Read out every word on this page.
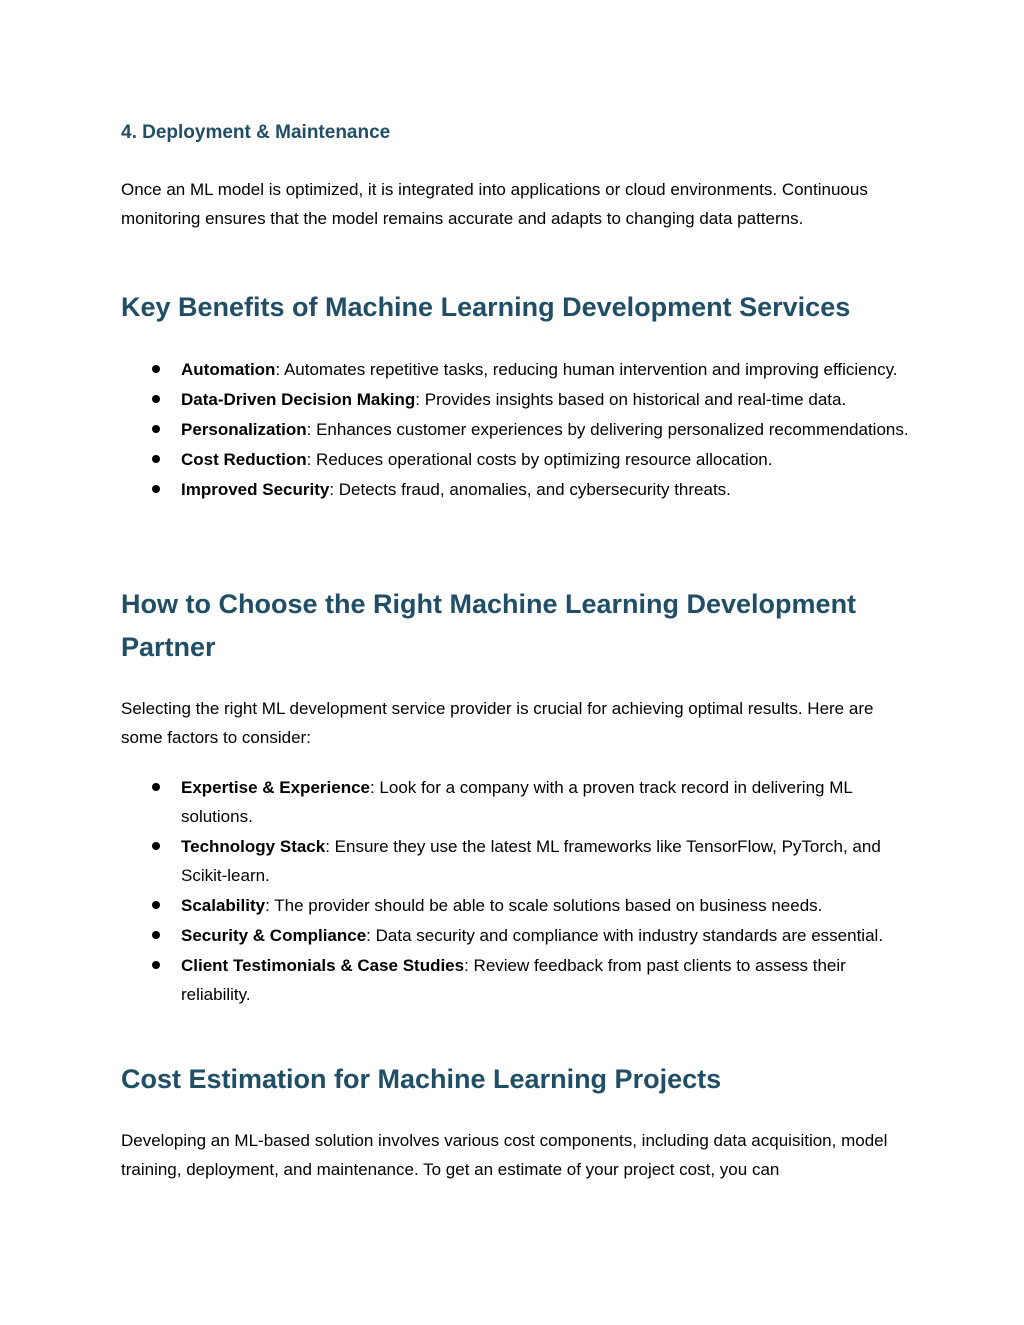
4. Deployment & Maintenance

Once an ML model is optimized, it is integrated into applications or cloud environments. Continuous monitoring ensures that the model remains accurate and adapts to changing data patterns.

Key Benefits of Machine Learning Development Services
Automation: Automates repetitive tasks, reducing human intervention and improving efficiency.
Data-Driven Decision Making: Provides insights based on historical and real-time data.
Personalization: Enhances customer experiences by delivering personalized recommendations.
Cost Reduction: Reduces operational costs by optimizing resource allocation.
Improved Security: Detects fraud, anomalies, and cybersecurity threats.
How to Choose the Right Machine Learning Development Partner

Selecting the right ML development service provider is crucial for achieving optimal results. Here are some factors to consider:

Expertise & Experience: Look for a company with a proven track record in delivering ML solutions.
Technology Stack: Ensure they use the latest ML frameworks like TensorFlow, PyTorch, and Scikit-learn.
Scalability: The provider should be able to scale solutions based on business needs.
Security & Compliance: Data security and compliance with industry standards are essential.
Client Testimonials & Case Studies: Review feedback from past clients to assess their reliability.
Cost Estimation for Machine Learning Projects

Developing an ML-based solution involves various cost components, including data acquisition, model training, deployment, and maintenance. To get an estimate of your project cost, you can
